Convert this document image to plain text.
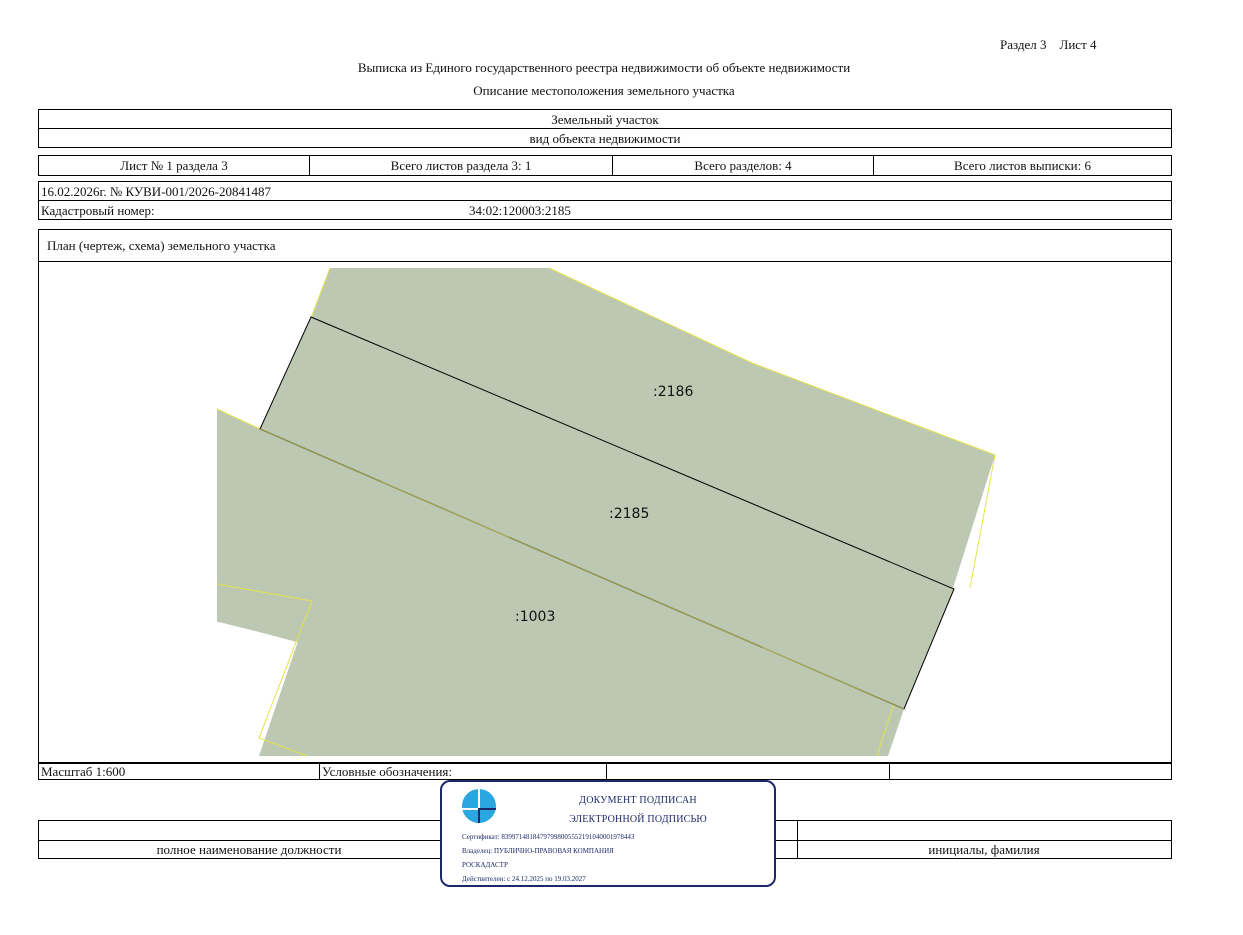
Раздел 3    Лист 4
Выписка из Единого государственного реестра недвижимости об объекте недвижимости
Описание местоположения земельного участка
Земельный участок
вид объекта недвижимости
Лист № 1 раздела 3	Всего листов раздела 3: 1	Всего разделов: 4	Всего листов выписки: 6
16.02.2026г. № КУВИ-001/2026-20841487
Кадастровый номер:	34:02:120003:2185
План (чертеж, схема) земельного участка
:2186
:2185
:1003
Масштаб 1:600	Условные обозначения:
полное наименование должности	инициалы, фамилия
ДОКУМЕНТ ПОДПИСАН
ЭЛЕКТРОННОЙ ПОДПИСЬЮ
Сертификат: 8399714818479799800555219104000197844З
Владелец: ПУБЛИЧНО-ПРАВОВАЯ КОМПАНИЯ
РОСКАДАСТР
Действителен: с 24.12.2025 по 19.03.2027
